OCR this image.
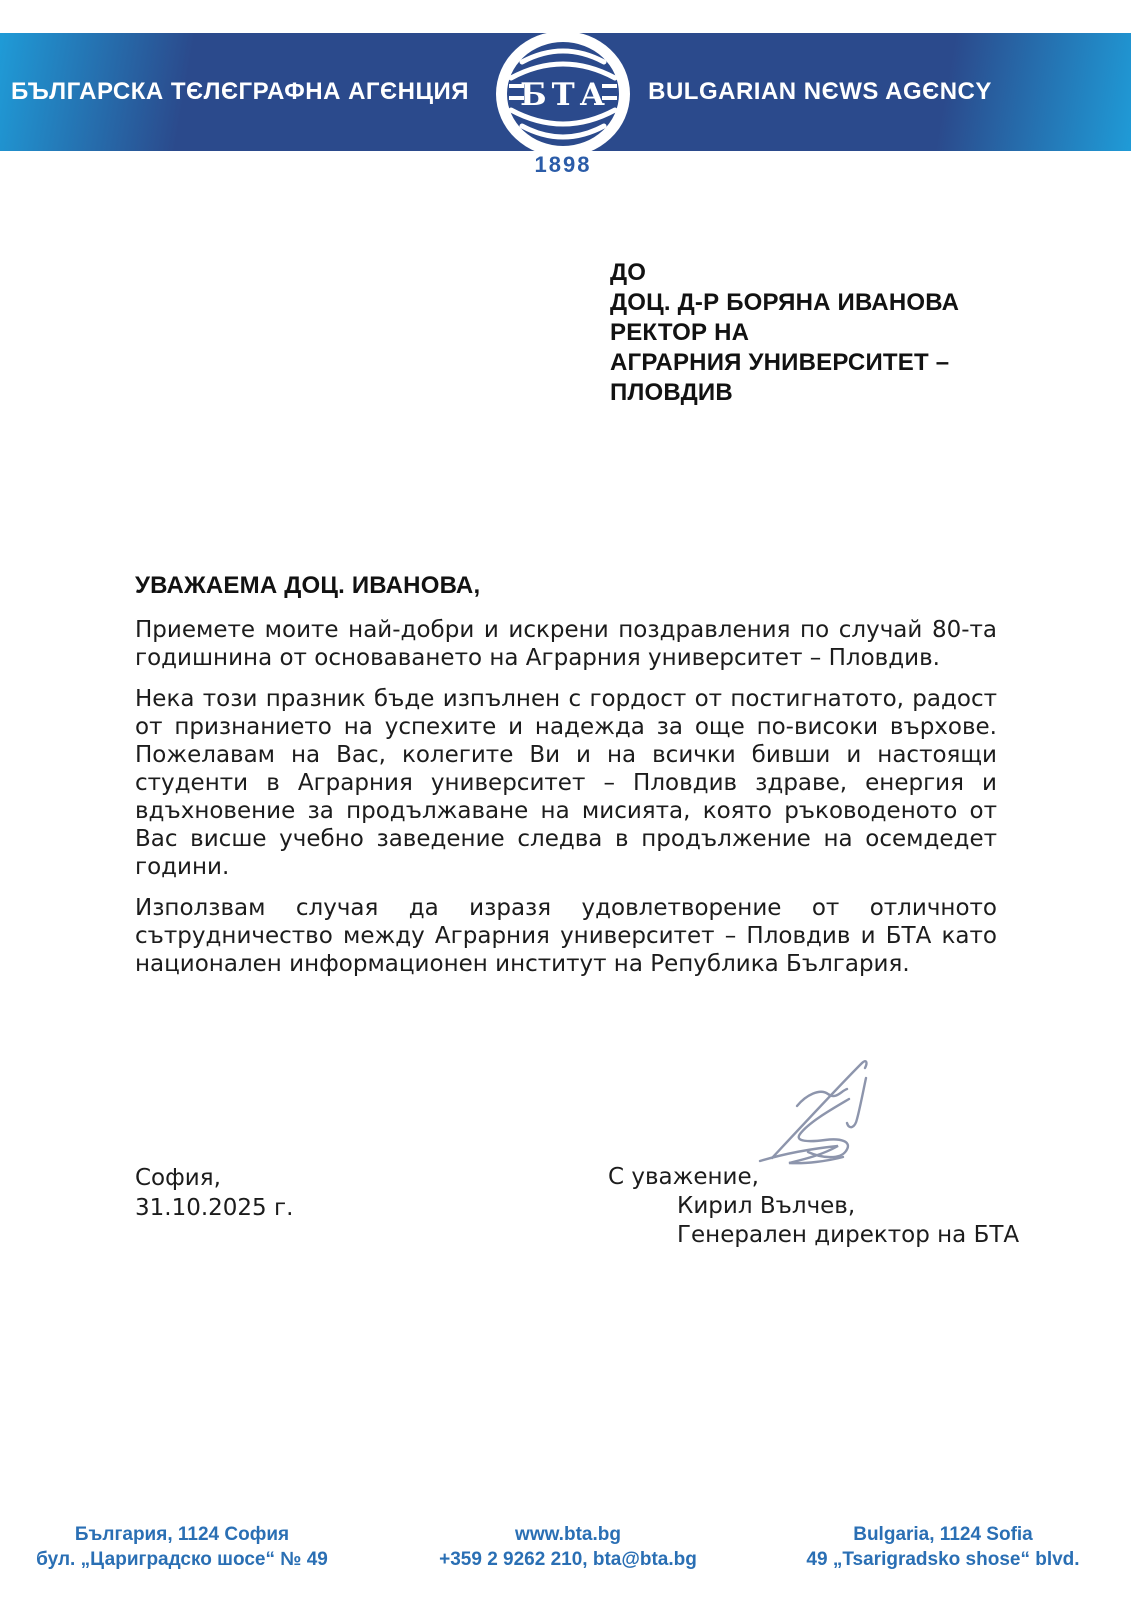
БЪЛГАРСКА ТЄЛЄГРАФНА АГЄНЦИЯ	BULGARIAN NЄWS AGЄNCY
БТА
1898
ДО
ДОЦ. Д-Р БОРЯНА ИВАНОВА
РЕКТОР НА
АГРАРНИЯ УНИВЕРСИТЕТ –
ПЛОВДИВ
УВАЖАЕМА ДОЦ. ИВАНОВА,

Приемете моите най-добри и искрени поздравления по случай 80-та годишнина от основаването на Аграрния университет – Пловдив.

Нека този празник бъде изпълнен с гордост от постигнатото, радост от признанието на успехите и надежда за още по-високи върхове. Пожелавам на Вас, колегите Ви и на всички бивши и настоящи студенти в Аграрния университет – Пловдив здраве, енергия и вдъхновение за продължаване на мисията, която ръководеното от Вас висше учебно заведение следва в продължение на осемдедет години.

Използвам случая да изразя удовлетворение от отличното сътрудничество между Аграрния университет – Пловдив и БТА като национален информационен институт на Република България.

София,
31.10.2025 г.
С уважение,
Кирил Вълчев,
Генерален директор на БТА
България, 1124 София
бул. „Цариградско шосе“ № 49
www.bta.bg
+359 2 9262 210, bta@bta.bg
Bulgaria, 1124 Sofia
49 „Tsarigradsko shose“ blvd.
